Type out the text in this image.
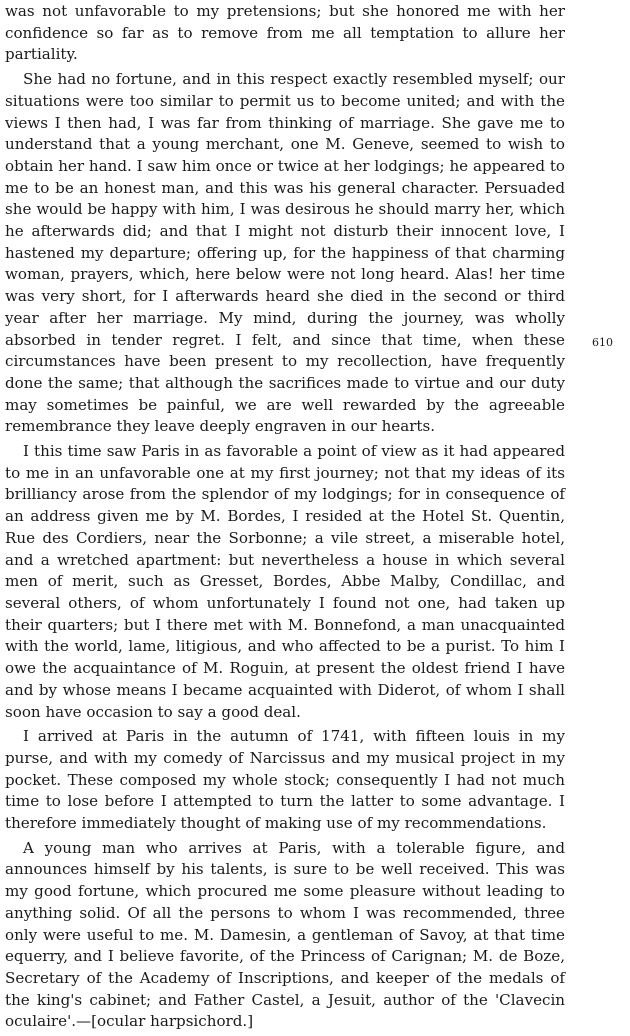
was not unfavorable to my pretensions; but she honored me with her confidence so far as to remove from me all temptation to allure her partiality.

She had no fortune, and in this respect exactly resembled myself; our situations were too similar to permit us to become united; and with the views I then had, I was far from thinking of marriage. She gave me to understand that a young merchant, one M. Geneve, seemed to wish to obtain her hand. I saw him once or twice at her lodgings; he appeared to me to be an honest man, and this was his general character. Persuaded she would be happy with him, I was desirous he should marry her, which he afterwards did; and that I might not disturb their innocent love, I hastened my departure; offering up, for the happiness of that charming woman, prayers, which, here below were not long heard. Alas! her time was very short, for I afterwards heard she died in the second or third year after her marriage. My mind, during the journey, was wholly absorbed in tender regret. I felt, and since that time, when these circumstances have been present to my recollection, have frequently done the same; that although the sacrifices made to virtue and our duty may sometimes be painful, we are well rewarded by the agreeable remembrance they leave deeply engraven in our hearts.

I this time saw Paris in as favorable a point of view as it had appeared to me in an unfavorable one at my first journey; not that my ideas of its brilliancy arose from the splendor of my lodgings; for in consequence of an address given me by M. Bordes, I resided at the Hotel St. Quentin, Rue des Cordiers, near the Sorbonne; a vile street, a miserable hotel, and a wretched apartment: but nevertheless a house in which several men of merit, such as Gresset, Bordes, Abbe Malby, Condillac, and several others, of whom unfortunately I found not one, had taken up their quarters; but I there met with M. Bonnefond, a man unacquainted with the world, lame, litigious, and who affected to be a purist. To him I owe the acquaintance of M. Roguin, at present the oldest friend I have and by whose means I became acquainted with Diderot, of whom I shall soon have occasion to say a good deal.

I arrived at Paris in the autumn of 1741, with fifteen louis in my purse, and with my comedy of Narcissus and my musical project in my pocket. These composed my whole stock; consequently I had not much time to lose before I attempted to turn the latter to some advantage. I therefore immediately thought of making use of my recommendations.

A young man who arrives at Paris, with a tolerable figure, and announces himself by his talents, is sure to be well received. This was my good fortune, which procured me some pleasure without leading to anything solid. Of all the persons to whom I was recommended, three only were useful to me. M. Damesin, a gentleman of Savoy, at that time equerry, and I believe favorite, of the Princess of Carignan; M. de Boze, Secretary of the Academy of Inscriptions, and keeper of the medals of the king's cabinet; and Father Castel, a Jesuit, author of the 'Clavecin oculaire'.—[ocular harpsichord.]

610
